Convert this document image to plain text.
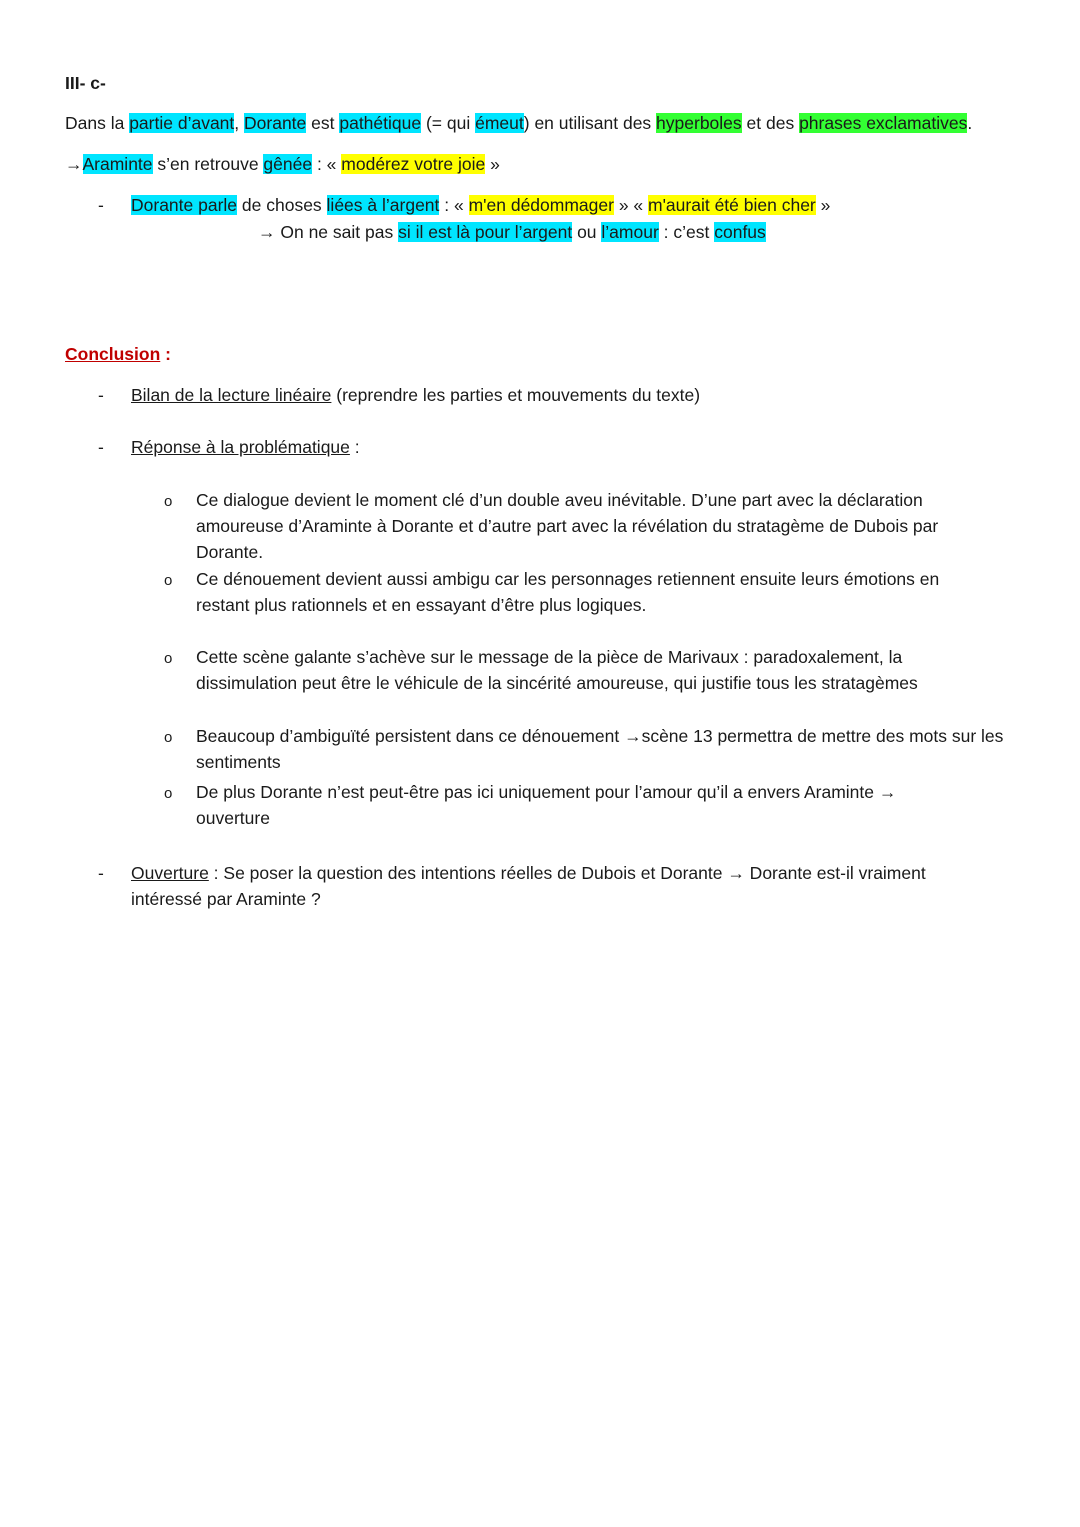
III- c-
Dans la partie d’avant, Dorante est pathétique (= qui émeut) en utilisant des hyperboles et des phrases exclamatives.
→Araminte s’en retrouve gênée : « modérez votre joie »
- Dorante parle de choses liées à l’argent : « m'en dédommager » « m'aurait été bien cher »
→ On ne sait pas si il est là pour l’argent ou l’amour : c’est confus
Conclusion :
- Bilan de la lecture linéaire (reprendre les parties et mouvements du texte)
- Réponse à la problématique :
o Ce dialogue devient le moment clé d’un double aveu inévitable. D’une part avec la déclaration amoureuse d’Araminte à Dorante et d’autre part avec la révélation du stratagème de Dubois par Dorante.
o Ce dénouement devient aussi ambigu car les personnages retiennent ensuite leurs émotions en restant plus rationnels et en essayant d’être plus logiques.
o Cette scène galante s’achève sur le message de la pièce de Marivaux : paradoxalement, la dissimulation peut être le véhicule de la sincérité amoureuse, qui justifie tous les stratagèmes
o Beaucoup d’ambiguïté persistent dans ce dénouement →scène 13 permettra de mettre des mots sur les sentiments
o De plus Dorante n’est peut-être pas ici uniquement pour l’amour qu’il a envers Araminte → ouverture
- Ouverture : Se poser la question des intentions réelles de Dubois et Dorante → Dorante est-il vraiment intéressé par Araminte ?
